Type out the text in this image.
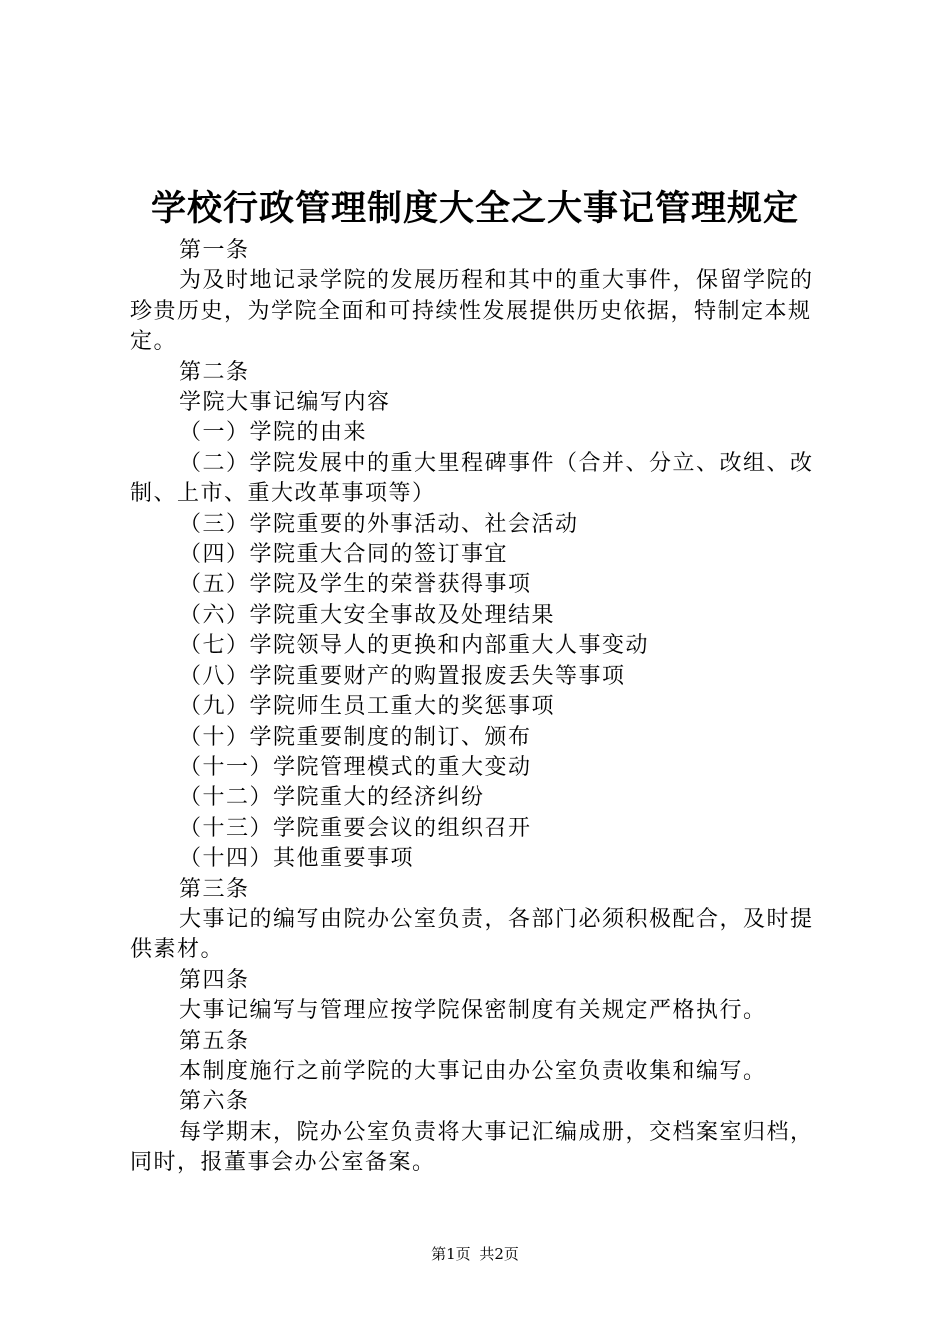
学校行政管理制度大全之大事记管理规定

第一条

为及时地记录学院的发展历程和其中的重大事件，保留学院的珍贵历史，为学院全面和可持续性发展提供历史依据，特制定本规定。

第二条

学院大事记编写内容

（一）学院的由来

（二）学院发展中的重大里程碑事件（合并、分立、改组、改制、上市、重大改革事项等）

（三）学院重要的外事活动、社会活动

（四）学院重大合同的签订事宜

（五）学院及学生的荣誉获得事项

（六）学院重大安全事故及处理结果

（七）学院领导人的更换和内部重大人事变动

（八）学院重要财产的购置报废丢失等事项

（九）学院师生员工重大的奖惩事项

（十）学院重要制度的制订、颁布

（十一）学院管理模式的重大变动

（十二）学院重大的经济纠纷

（十三）学院重要会议的组织召开

（十四）其他重要事项

第三条

大事记的编写由院办公室负责，各部门必须积极配合，及时提供素材。

第四条

大事记编写与管理应按学院保密制度有关规定严格执行。

第五条

本制度施行之前学院的大事记由办公室负责收集和编写。

第六条

每学期末，院办公室负责将大事记汇编成册，交档案室归档，同时，报董事会办公室备案。

第1页 共2页
